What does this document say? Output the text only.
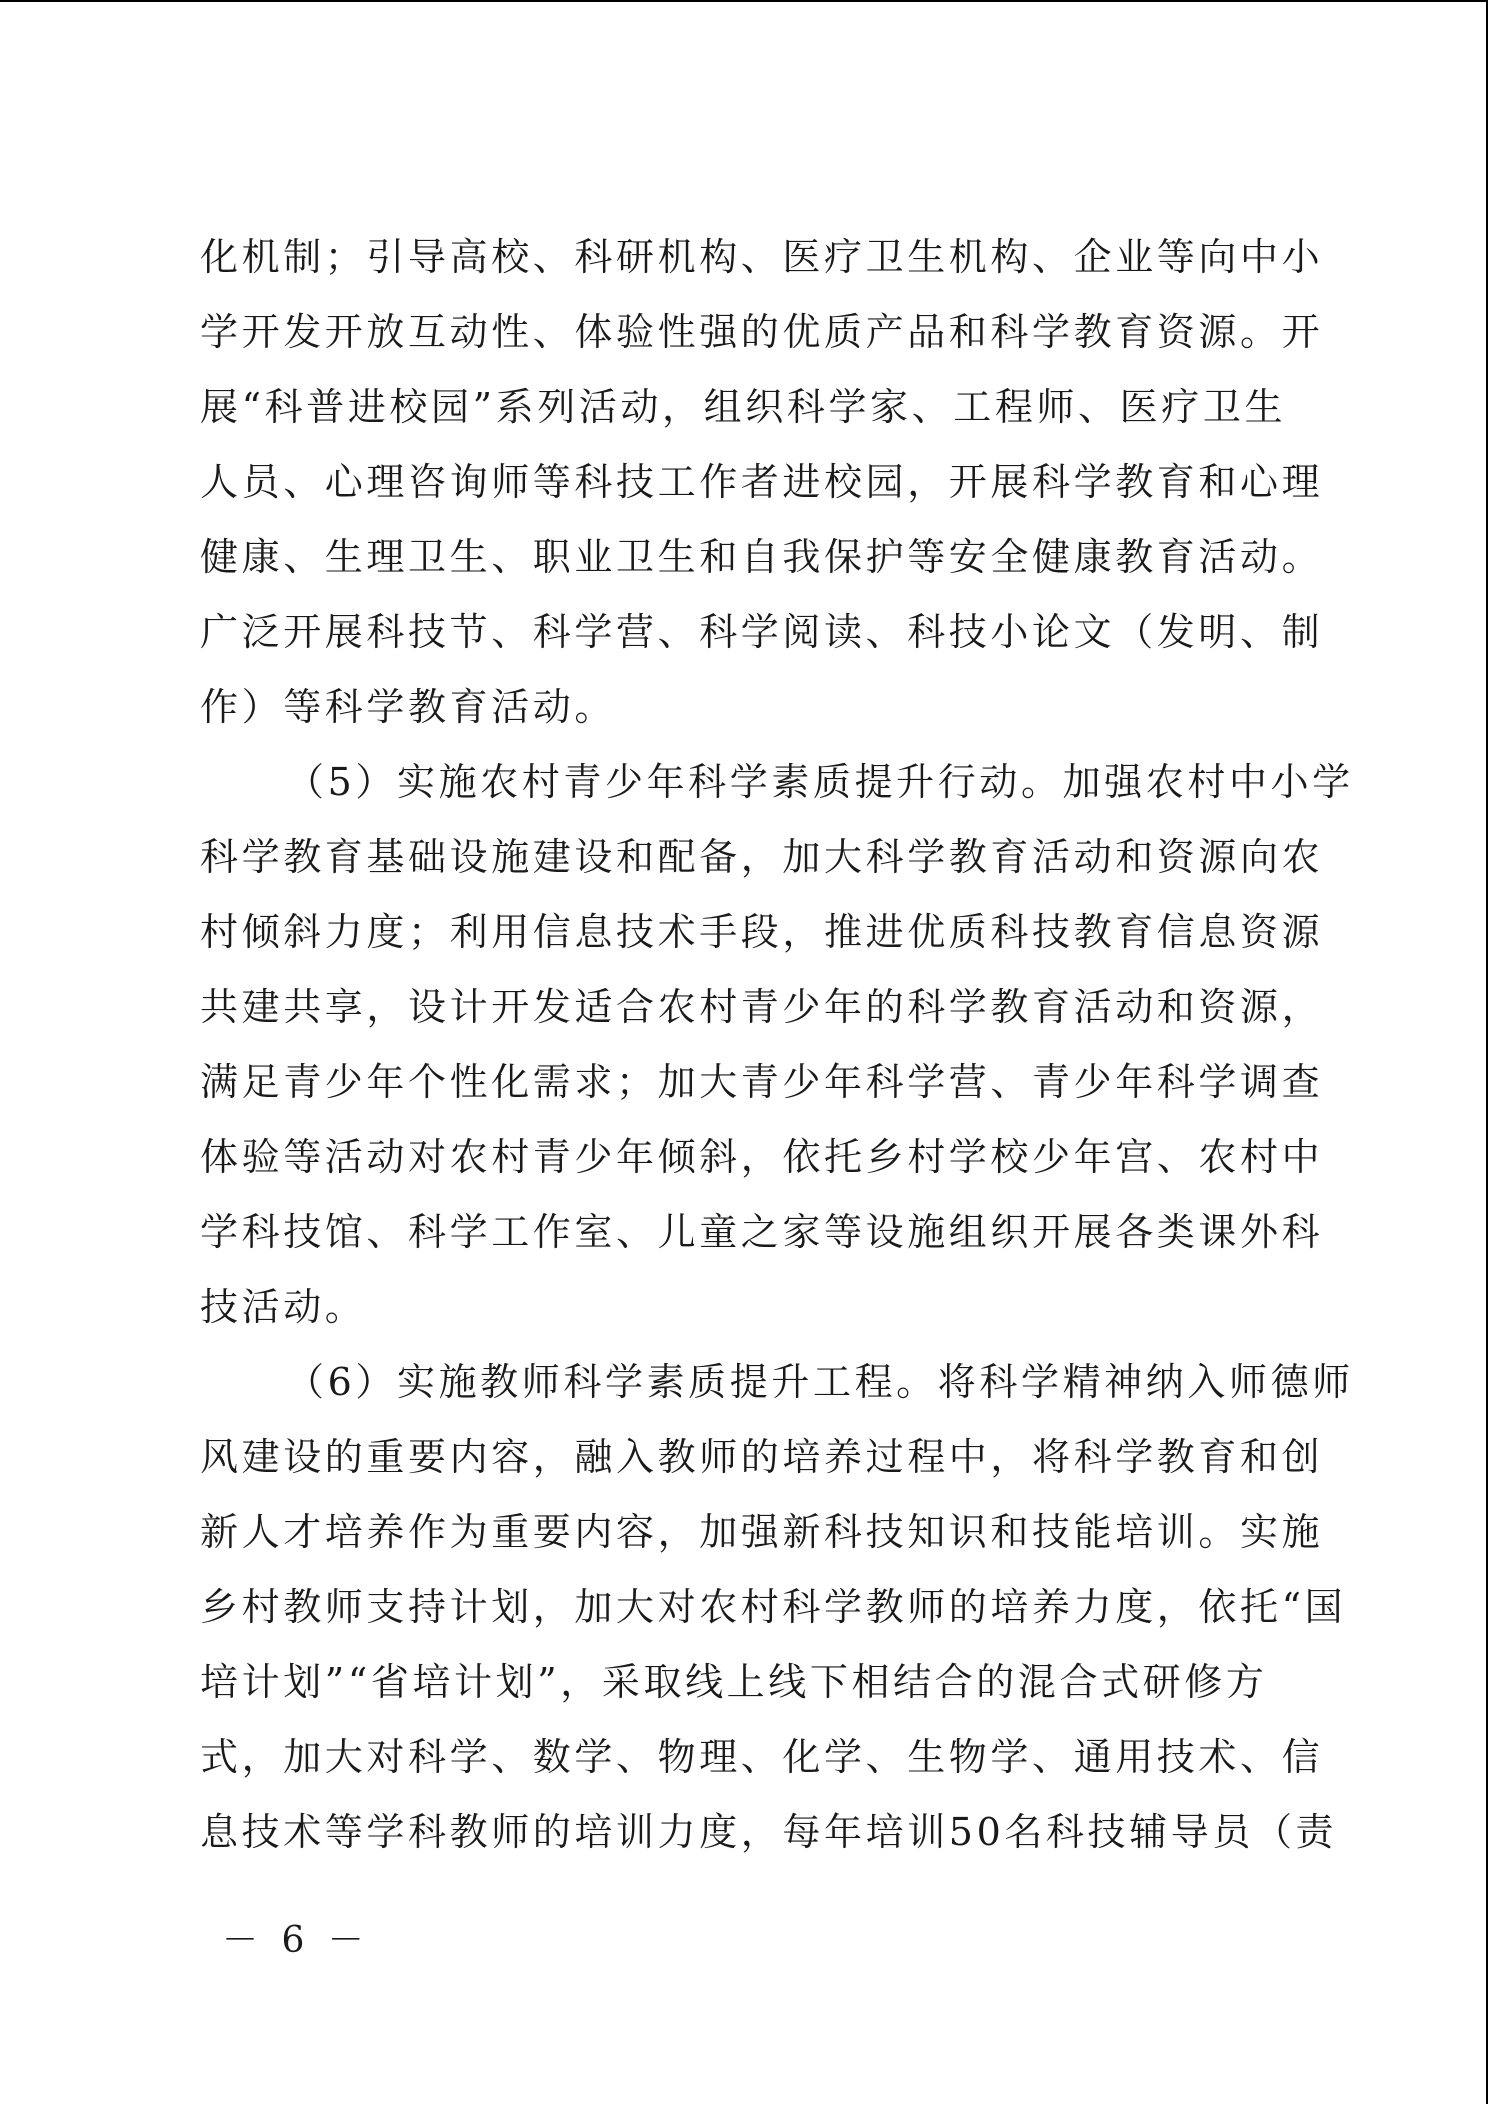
化机制；引导高校、科研机构、医疗卫生机构、企业等向中小
学开发开放互动性、体验性强的优质产品和科学教育资源。开
展“科普进校园”系列活动，组织科学家、工程师、医疗卫生
人员、心理咨询师等科技工作者进校园，开展科学教育和心理
健康、生理卫生、职业卫生和自我保护等安全健康教育活动。
广泛开展科技节、科学营、科学阅读、科技小论文（发明、制
作）等科学教育活动。
（5）实施农村青少年科学素质提升行动。加强农村中小学
科学教育基础设施建设和配备，加大科学教育活动和资源向农
村倾斜力度；利用信息技术手段，推进优质科技教育信息资源
共建共享，设计开发适合农村青少年的科学教育活动和资源，
满足青少年个性化需求；加大青少年科学营、青少年科学调查
体验等活动对农村青少年倾斜，依托乡村学校少年宫、农村中
学科技馆、科学工作室、儿童之家等设施组织开展各类课外科
技活动。
（6）实施教师科学素质提升工程。将科学精神纳入师德师
风建设的重要内容，融入教师的培养过程中，将科学教育和创
新人才培养作为重要内容，加强新科技知识和技能培训。实施
乡村教师支持计划，加大对农村科学教师的培养力度，依托“国
培计划”“省培计划”，采取线上线下相结合的混合式研修方
式，加大对科学、数学、物理、化学、生物学、通用技术、信
息技术等学科教师的培训力度，每年培训50名科技辅导员（责
－ 6 －
